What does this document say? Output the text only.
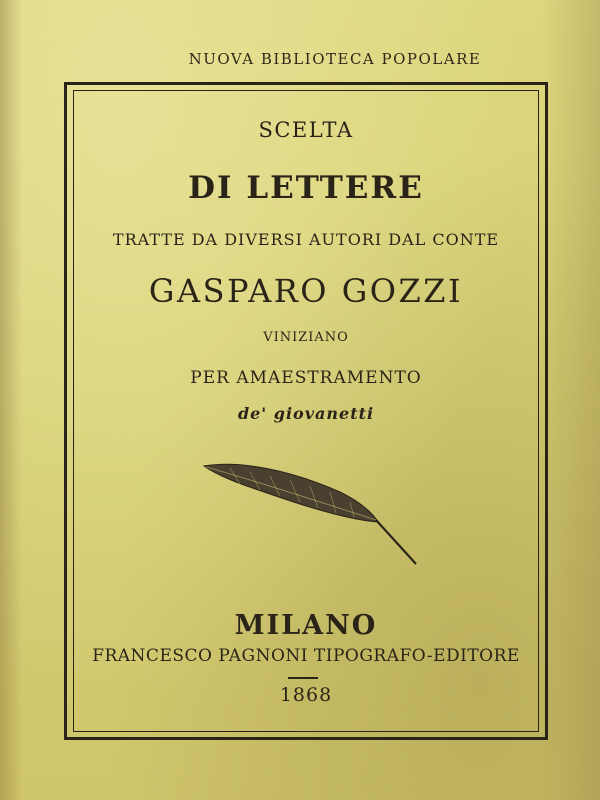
NUOVA BIBLIOTECA POPOLARE
SCELTA
DI LETTERE
TRATTE DA DIVERSI AUTORI DAL CONTE
GASPARO GOZZI
VINIZIANO
PER AMAESTRAMENTO
de' giovanetti
MILANO
FRANCESCO PAGNONI TIPOGRAFO-EDITORE
1868
